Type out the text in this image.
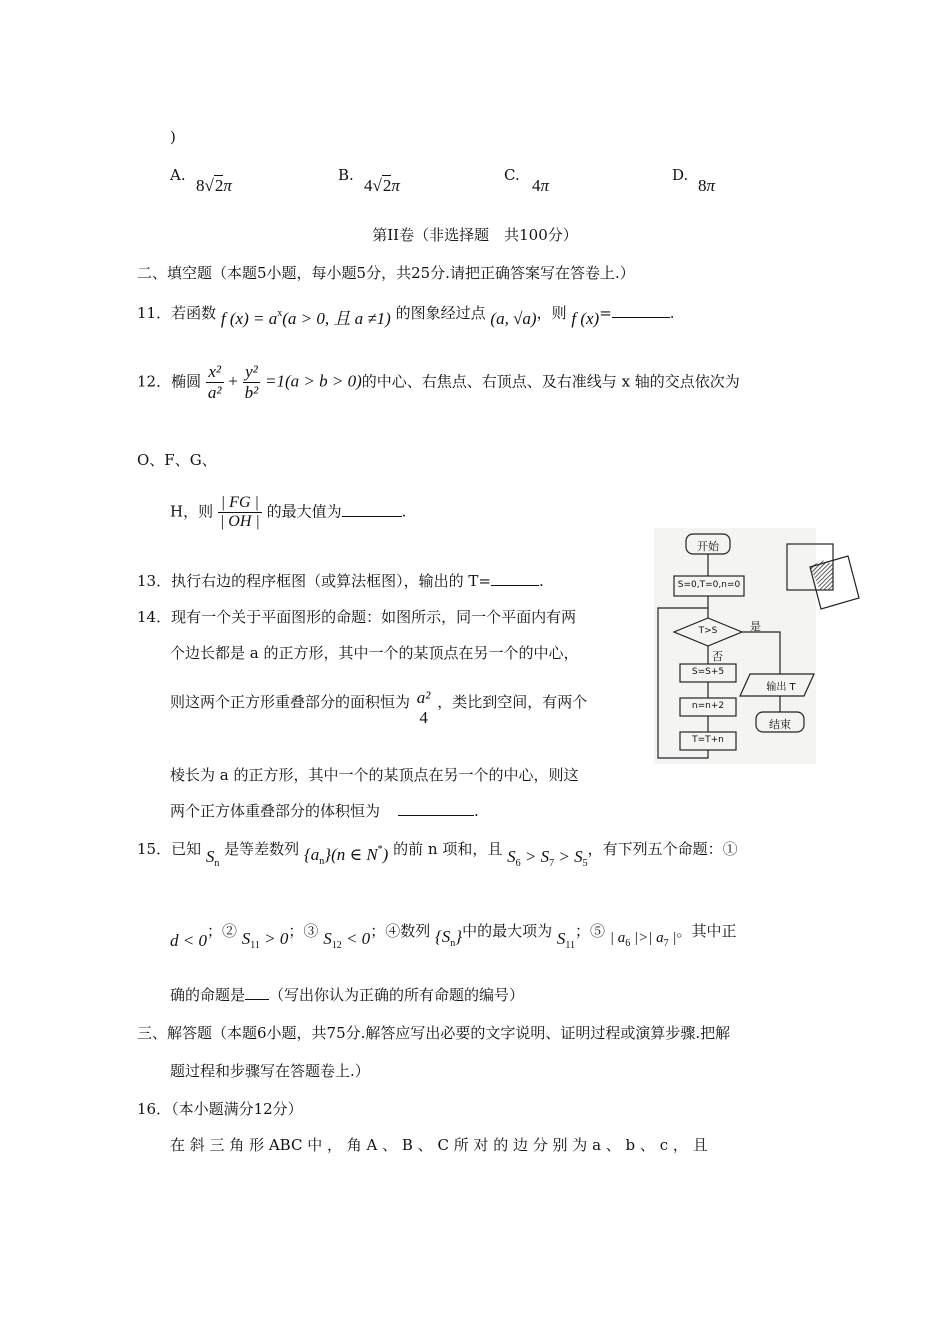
)
A.
8√2π
B.
4√2π
C.
4π
D.
8π
第II卷（非选择题　共100分）
二、填空题（本题5小题，每小题5分，共25分.请把正确答案写在答卷上.）
11．若函数 f $(x) = a^x(a > 0$, 且 a ≠1) 的图象经过点 (a, √a)，则 f (x)=	.
12．椭圆 $\frac{\text{x²}}{\text{a²}} + \frac{\text{y²}}{\text{b²}} =1(a > b > 0)$的中心、右焦点、右顶点、及右准线与 x 轴的交点依次为
O、F、G、
H，则 $\frac{| FG |}{| OH |}$ 的最大值为	.
13．执行右边的程序框图（或算法框图），输出的 T=	.
14．现有一个关于平面图形的命题：如图所示，同一个平面内有两
个边长都是 a 的正方形，其中一个的某顶点在另一个的中心，
则这两个正方形重叠部分的面积恒为 a²
4
，类比到空间，有两个
棱长为 a 的正方形，其中一个的某顶点在另一个的中心，则这
两个正方体重叠部分的体积恒为	.
15．已知 $S_n$ 是等差数列 $\{a_n\}(n$ ∈ N*) 的前 n 项和，且 $S_6 > S_7 > S_5$，有下列五个命题：①
d < 0；② $S_{11} > 0$；③ $S_{12} < 0$；④数列 $\{S_n\}$中的最大项为 $S_{11}$；⑤ | $a_6$ |>| $a_7$ |。其中正
确的命题是 （写出你认为正确的所有命题的编号）
三、解答题（本题6小题，共75分.解答应写出必要的文字说明、证明过程或演算步骤.把解
题过程和步骤写在答题卷上.）
16．（本小题满分12分）
在 斜 三 角 形 ABC 中 ， 角 A 、 B 、 C 所 对 的 边 分 别 为 a 、 b 、 c ， 且
开始
S=0,T=0,n=0
T>S	是
否
S=S+5
n=n+2
T=T+n
输出 T
结束
